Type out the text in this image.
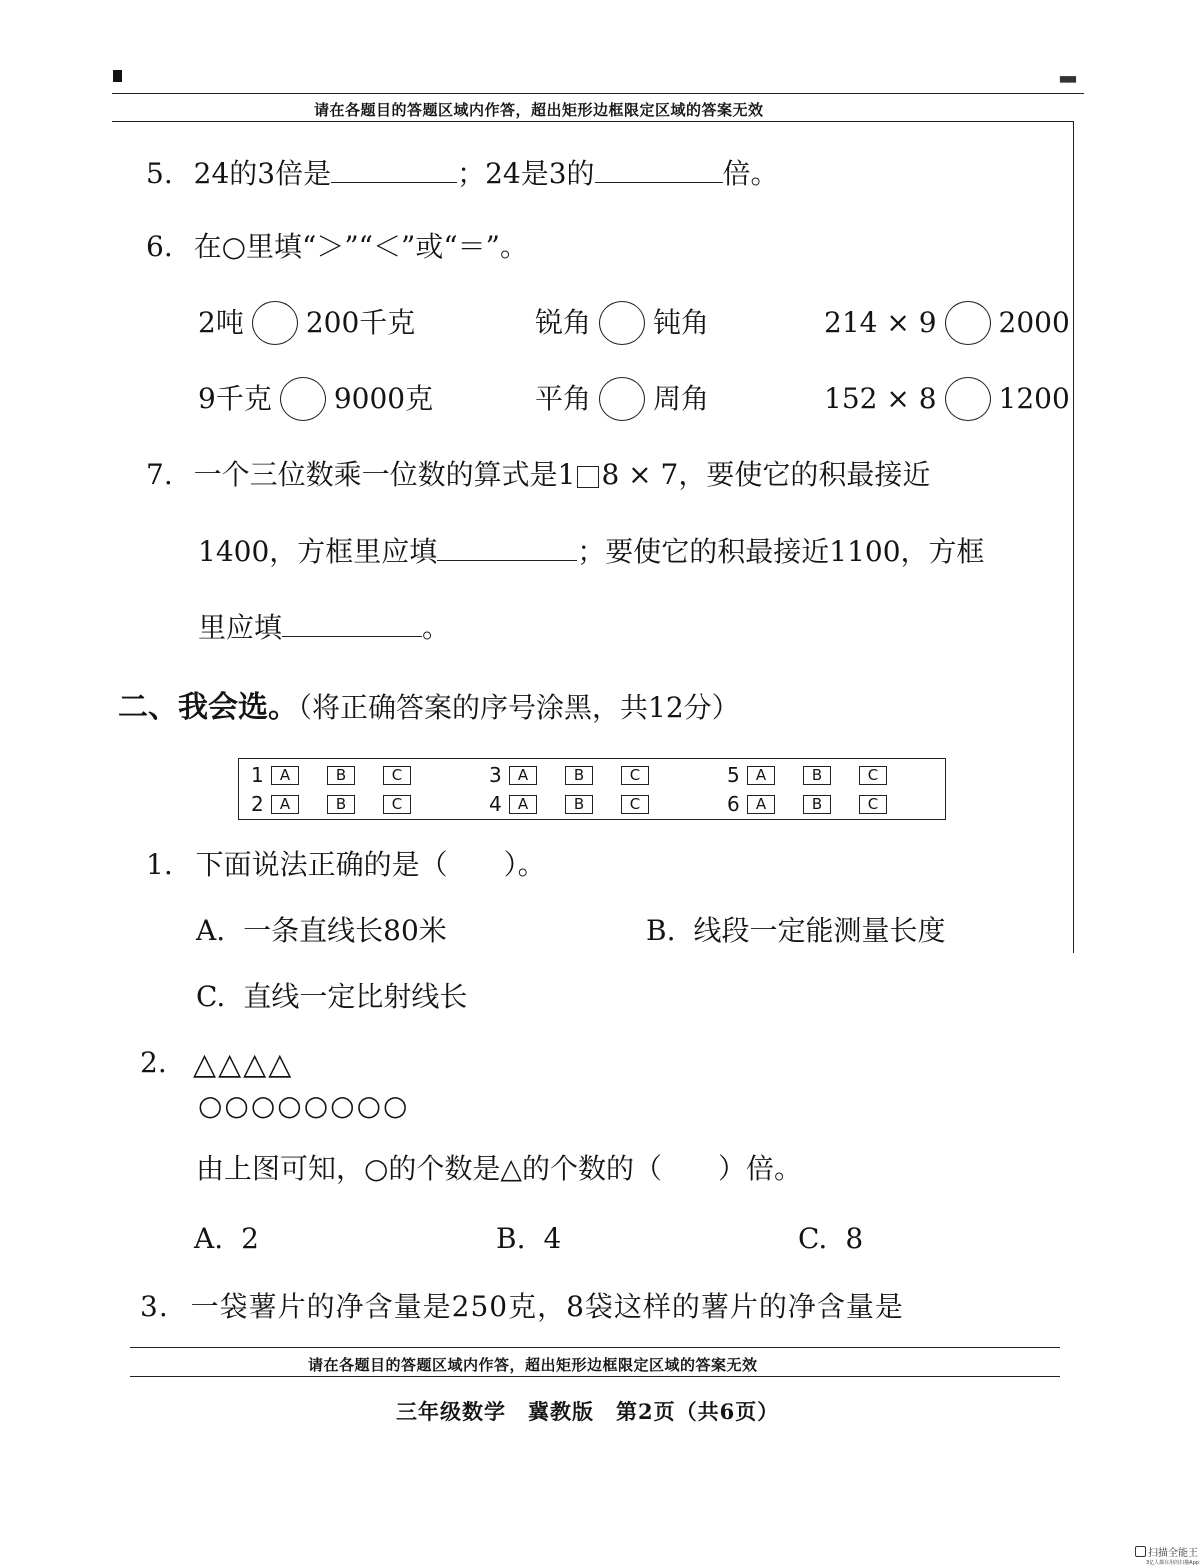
▄▄
请在各题目的答题区域内作答，超出矩形边框限定区域的答案无效
5. 24的3倍是	；24是3的	倍。
6. 在○里填“＞”“＜”或“＝”。
2吨 200千克	锐角 钝角	214 × 9 2000
9千克 9000克	平角 周角	152 × 8 1200
7. 一个三位数乘一位数的算式是1 8 × 7，要使它的积最接近
1400，方框里应填	；要使它的积最接近1100，方框
里应填	。
二、我会选。（将正确答案的序号涂黑，共12分）
1	A	B	C	3	A	B	C	5	A	B	C
2	A	B	C	4	A	B	C	6	A	B	C
1. 下面说法正确的是（　　）。
A. 一条直线长80米	B. 线段一定能测量长度
C. 直线一定比射线长
2. △△△△
○○○○○○○○
由上图可知，○的个数是△的个数的（　　）倍。
A. 2	B. 4	C. 8
3. 一袋薯片的净含量是250克，8袋这样的薯片的净含量是
请在各题目的答题区域内作答，超出矩形边框限定区域的答案无效
三年级数学　冀教版　第2页（共6页）
扫描全能王
3亿人都在用的扫描App
